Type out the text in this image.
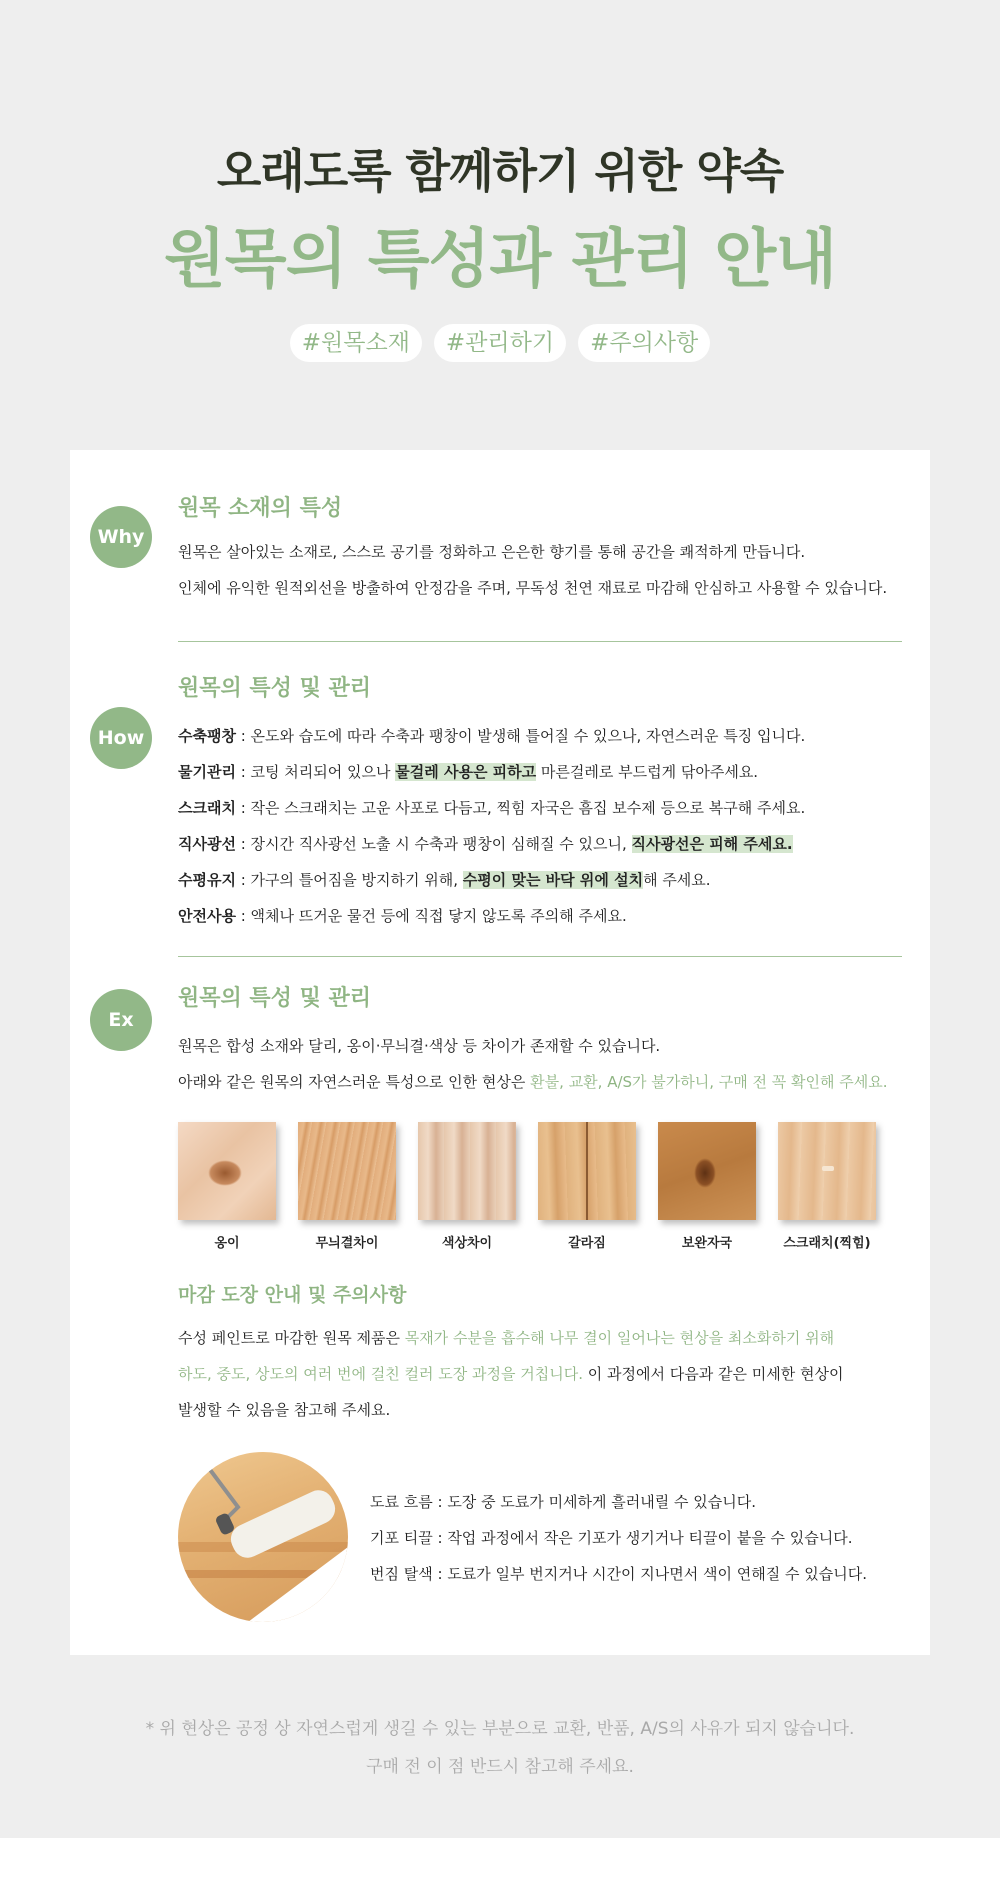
오래도록 함께하기 위한 약속
원목의 특성과 관리 안내
#원목소재	#관리하기	#주의사항
Why
원목 소재의 특성
원목은 살아있는 소재로, 스스로 공기를 정화하고 은은한 향기를 통해 공간을 쾌적하게 만듭니다.
인체에 유익한 원적외선을 방출하여 안정감을 주며, 무독성 천연 재료로 마감해 안심하고 사용할 수 있습니다.
How
원목의 특성 및 관리
수축팽창 : 온도와 습도에 따라 수축과 팽창이 발생해 틀어질 수 있으나, 자연스러운 특징 입니다.
물기관리 : 코팅 처리되어 있으나 물걸레 사용은 피하고 마른걸레로 부드럽게 닦아주세요.
스크래치 : 작은 스크래치는 고운 사포로 다듬고, 찍힘 자국은 흠집 보수제 등으로 복구해 주세요.
직사광선 : 장시간 직사광선 노출 시 수축과 팽창이 심해질 수 있으니, 직사광선은 피해 주세요.
수평유지 : 가구의 틀어짐을 방지하기 위해, 수평이 맞는 바닥 위에 설치해 주세요.
안전사용 : 액체나 뜨거운 물건 등에 직접 닿지 않도록 주의해 주세요.
Ex
원목의 특성 및 관리
원목은 합성 소재와 달리, 옹이·무늬결·색상 등 차이가 존재할 수 있습니다.
아래와 같은 원목의 자연스러운 특성으로 인한 현상은 환불, 교환, A/S가 불가하니, 구매 전 꼭 확인해 주세요.
옹이	무늬결차이	색상차이	갈라짐	보완자국	스크래치(찍힘)
마감 도장 안내 및 주의사항
수성 페인트로 마감한 원목 제품은 목재가 수분을 흡수해 나무 결이 일어나는 현상을 최소화하기 위해
하도, 중도, 상도의 여러 번에 걸친 컬러 도장 과정을 거칩니다. 이 과정에서 다음과 같은 미세한 현상이
발생할 수 있음을 참고해 주세요.
도료 흐름 : 도장 중 도료가 미세하게 흘러내릴 수 있습니다.
기포 티끌 : 작업 과정에서 작은 기포가 생기거나 티끌이 붙을 수 있습니다.
번짐 탈색 : 도료가 일부 번지거나 시간이 지나면서 색이 연해질 수 있습니다.
* 위 현상은 공정 상 자연스럽게 생길 수 있는 부분으로 교환, 반품, A/S의 사유가 되지 않습니다.
구매 전 이 점 반드시 참고해 주세요.
